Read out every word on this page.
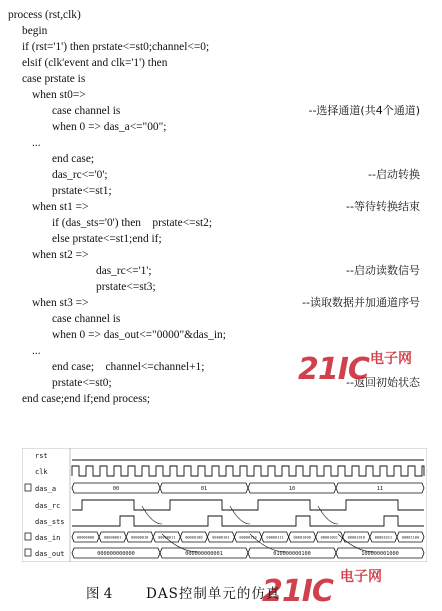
process (rst,clk)
begin
if (rst='1') then prstate<=st0;channel<=0;
elsif (clk'event and clk='1') then
case prstate is
when st0=>
case channel is	--选择通道(共4个通道)
when 0 => das_a<="00";
...
end case;
das_rc<='0';	--启动转换
prstate<=st1;
when st1 =>	--等待转换结束
if (das_sts='0') then    prstate<=st2;
else prstate<=st1;end if;
when st2 =>
das_rc<='1';	--启动读数信号
prstate<=st3;
when st3 =>	--读取数据并加通道序号
case channel is
when 0 => das_out<="0000"&das_in;
...
end case;    channel<=channel+1;
prstate<=st0;	--返回初始状态
end case;end if;end process;
21IC 电子网
rst
clk
das_a	00	01	10	11
das_rc
das_sts
das_in	00000000	00000001	00000010	00000011	00000100	00000101	00000110	00000111	00001000	00001001	00001010	00001011	00001100
das_out	000000000000	000000000001	010000000100	100000001000
21IC 电子网
图 4 DAS控制单元的仿真
